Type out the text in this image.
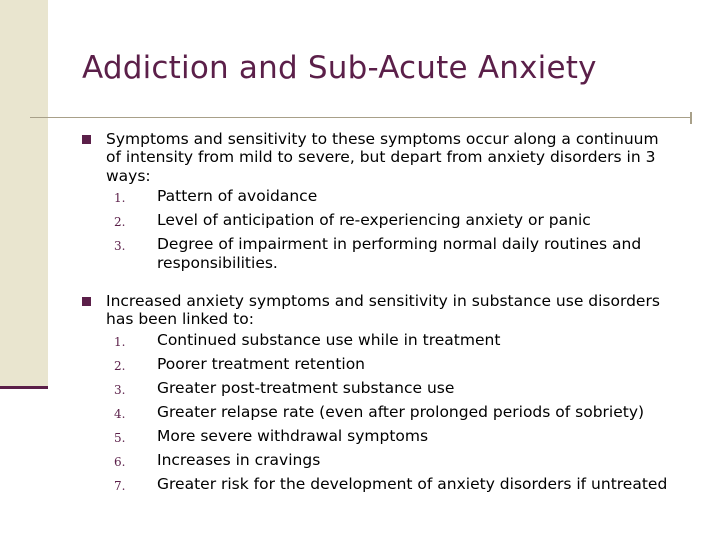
Addiction and Sub-Acute Anxiety
Symptoms and sensitivity to these symptoms occur along a continuum
of intensity from mild to severe, but depart from anxiety disorders in 3
ways:
1. Pattern of avoidance
2. Level of anticipation of re-experiencing anxiety or panic
3. Degree of impairment in performing normal daily routines and
responsibilities.
Increased anxiety symptoms and sensitivity in substance use disorders
has been linked to:
1. Continued substance use while in treatment
2. Poorer treatment retention
3. Greater post-treatment substance use
4. Greater relapse rate (even after prolonged periods of sobriety)
5. More severe withdrawal symptoms
6. Increases in cravings
7. Greater risk for the development of anxiety disorders if untreated
